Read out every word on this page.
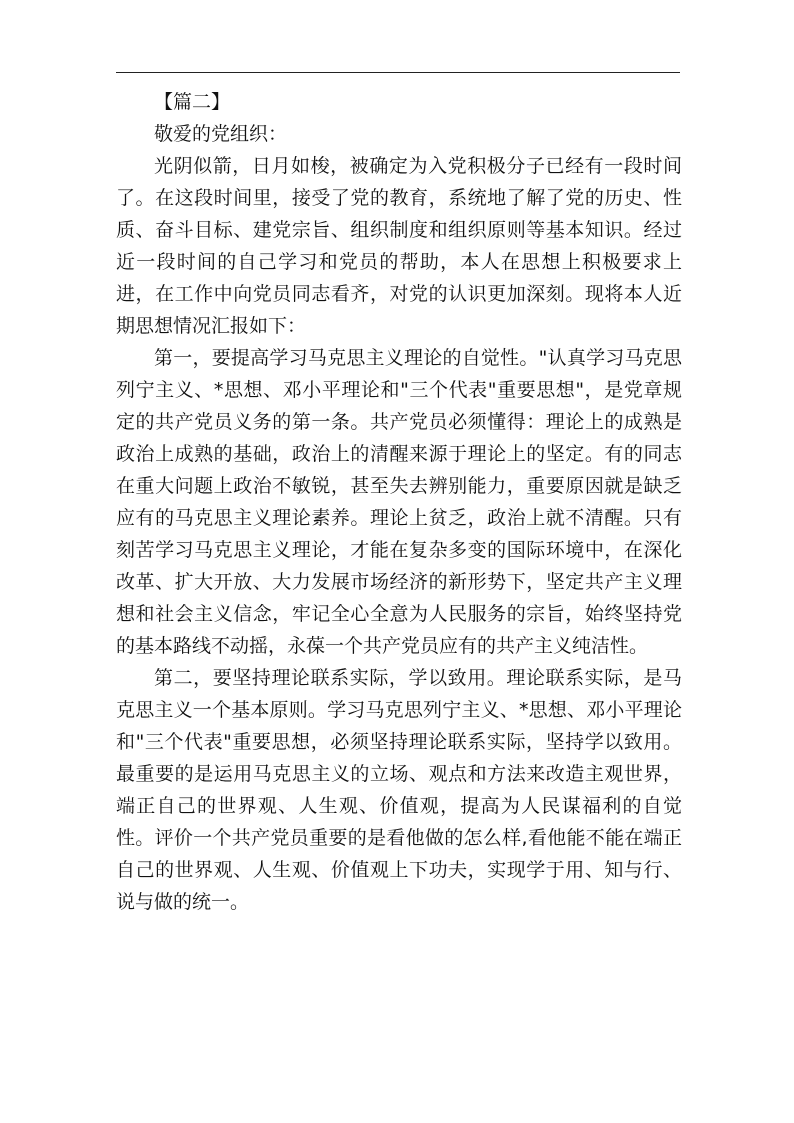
【篇二】

敬爱的党组织：

光阴似箭，日月如梭，被确定为入党积极分子已经有一段时间了。在这段时间里，接受了党的教育，系统地了解了党的历史、性质、奋斗目标、建党宗旨、组织制度和组织原则等基本知识。经过近一段时间的自己学习和党员的帮助，本人在思想上积极要求上进，在工作中向党员同志看齐，对党的认识更加深刻。现将本人近期思想情况汇报如下：

第一，要提高学习马克思主义理论的自觉性。"认真学习马克思列宁主义、*思想、邓小平理论和"三个代表"重要思想"，是党章规定的共产党员义务的第一条。共产党员必须懂得：理论上的成熟是政治上成熟的基础，政治上的清醒来源于理论上的坚定。有的同志在重大问题上政治不敏锐，甚至失去辨别能力，重要原因就是缺乏应有的马克思主义理论素养。理论上贫乏，政治上就不清醒。只有刻苦学习马克思主义理论，才能在复杂多变的国际环境中，在深化改革、扩大开放、大力发展市场经济的新形势下，坚定共产主义理想和社会主义信念，牢记全心全意为人民服务的宗旨，始终坚持党的基本路线不动摇，永葆一个共产党员应有的共产主义纯洁性。

第二，要坚持理论联系实际，学以致用。理论联系实际，是马克思主义一个基本原则。学习马克思列宁主义、*思想、邓小平理论和"三个代表"重要思想，必须坚持理论联系实际，坚持学以致用。最重要的是运用马克思主义的立场、观点和方法来改造主观世界，端正自己的世界观、人生观、价值观，提高为人民谋福利的自觉性。评价一个共产党员重要的是看他做的怎么样,看他能不能在端正自己的世界观、人生观、价值观上下功夫，实现学于用、知与行、说与做的统一。
